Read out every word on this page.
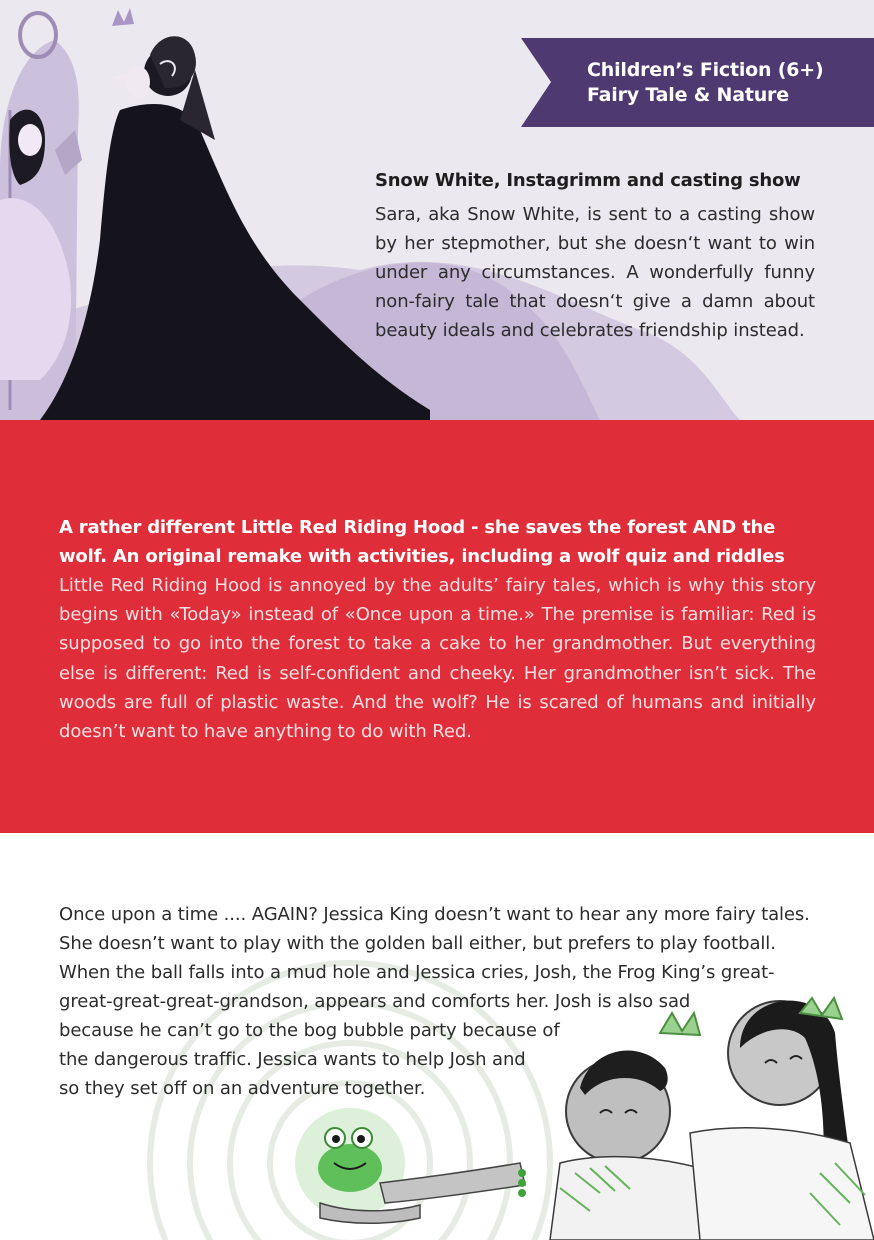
Children’s Fiction (6+)
Fairy Tale & Nature
Snow White, Instagrimm and casting show

Sara, aka Snow White, is sent to a casting show by her stepmother, but she doesn‘t want to win under any circumstances. A wonderfully funny non-fairy tale that doesn‘t give a damn about beauty ideals and celebrates friendship instead.

A rather different Little Red Riding Hood - she saves the forest AND the wolf. An original remake with activities, including a wolf quiz and riddles

Little Red Riding Hood is annoyed by the adults’ fairy tales, which is why this story begins with «Today» instead of «Once upon a time.» The premise is familiar: Red is supposed to go into the forest to take a cake to her grandmother. But everything else is different: Red is self-confident and cheeky. Her grandmother isn’t sick. The woods are full of plastic waste. And the wolf? He is scared of humans and initially doesn’t want to have anything to do with Red.

Once upon a time .... AGAIN? Jessica King doesn’t want to hear any more fairy tales.
She doesn’t want to play with the golden ball either, but prefers to play football.
When the ball falls into a mud hole and Jessica cries, Josh, the Frog King’s great-
great-great-great-grandson, appears and comforts her. Josh is also sad
because he can’t go to the bog bubble party because of
the dangerous traffic. Jessica wants to help Josh and
so they set off on an adventure together.
